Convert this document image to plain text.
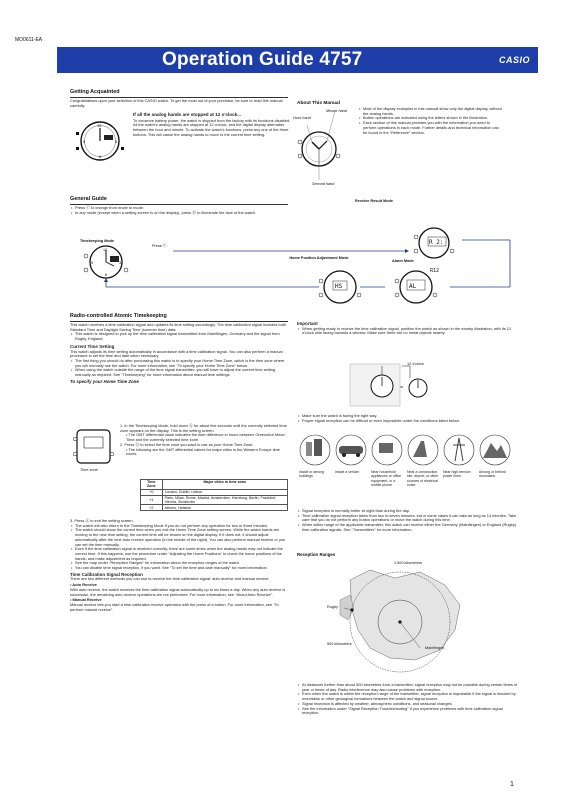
MO0611-EA
Operation Guide 4757	CASIO
Getting Acquainted
Congratulations upon your selection of this CASIO watch. To get the most out of your purchase, be sure to read this manual carefully.
12
3
6
9
If all the analog hands are stopped at 12 o'clock...
To conserve battery power, the watch is shipped from the factory with its functions disabled. All the watch's analog hands are stopped at 12 o'clock, and the digital display alternates between the hour and minute. To activate the watch's functions, press any one of the three buttons. This will cause the analog hands to move to the current time setting.
About This Manual
Minute hand
Hour hand
Second hand
• Most of the display examples in this manual show only the digital display, without the analog hands.
• Button operations are indicated using the letters shown in the illustration.
• Each section of this manual provides you with the information you need to perform operations in each mode. Further details and technical information can be found in the “Reference” section.
General Guide
• Press Ⓒ to change from mode to mode.
• In any mode (except when a setting screen is on the display), press Ⓑ to illuminate the face of the watch.
Timekeeping Mode
Press Ⓒ.
Receive Result Mode
Home Position Adjustment Mode
Alarm Mode
12
3
6
9
R 2:
HS	AL
R12
Radio-controlled Atomic Timekeeping
This watch receives a time calibration signal and updates its time setting accordingly. The time calibration signal includes both Standard Time and Daylight Saving Time (summer time) data.
• This watch is designed to pick up the time calibration signal transmitted from Mainflingen, Germany and the signal from Rugby, England.
Current Time Setting
This watch adjusts its time setting automatically in accordance with a time calibration signal. You can also perform a manual procedure to set the time and date when necessary.
• The first thing you should do after purchasing this watch is to specify your Home Time Zone, which is the time zone where you will normally use the watch. For more information, see “To specify your Home Time Zone” below.
• When using the watch outside the range of the time signal transmitter, you will have to adjust the current time setting manually as required. See “Timekeeping” for more information about manual time settings.
To specify your Home Time Zone
Time zone
1. In the Timekeeping Mode, hold down Ⓐ for about five seconds until the currently selected time zone appears on the display. This is the setting screen.
• The GMT differential value indicates the time difference in hours between Greenwich Mean Time and the currently selected time zone.
2. Press Ⓓ to select the time zone you want to use as your Home Time Zone.
• The following are the GMT differential values for major cities in the Western Europe time zones.
Time Zone	Major cities in time zone
+0	London, Dublin, Lisbon
+1	Paris, Milan, Rome, Madrid, Amsterdam, Hamburg, Berlin, Frankfurt, Vienna, Stockholm
+2	Athens, Helsinki
3. Press Ⓐ to exit the setting screen.
• The watch will also return to the Timekeeping Mode if you do not perform any operation for two or three minutes.
• The watch should show the correct time when you exit the Home Time Zone setting screen. While the watch hands are moving to the new time setting, the current time will be shown on the digital display. If it does not, it should adjust automatically after the next auto receive operation (in the middle of the night). You can also perform manual receive or you can set the time manually.
• Even if the time calibration signal is received correctly, there are some times when the analog hands may not indicate the correct time. If this happens, use the procedure under “Adjusting the Home Positions” to check the home positions of the hands, and make adjustment as required.
• See the map under “Reception Ranges” for information about the reception ranges of the watch.
• You can disable time signal reception, if you want. See “To set the time and date manually” for more information.
Time Calibration Signal Reception
There are two different methods you can use to receive the time calibration signal: auto receive and manual receive.
• Auto Receive
With auto receive, the watch receives the time calibration signal automatically up to six times a day. When any auto receive is successful, the remaining auto receive operations are not performed. For more information, see “About Auto Receive”.
• Manual Receive
Manual receive lets you start a time calibration receive operation with the press of a button. For more information, see “To perform manual receive”.
Important
• When getting ready to receive the time calibration signal, position the watch as shown in the nearby illustration, with its 12 o'clock side facing towards a window. Make sure there are no metal objects nearby.
12 o'clock
or
• Make sure the watch is facing the right way.
• Proper signal reception can be difficult or even impossible under the conditions listed below.
Inside or among buildings
Inside a vehicle	Near household appliances or office equipment, or a mobile phone
Near a construction site, airport, or other sources of electrical noise
Near high-tension power lines
Among or behind mountains
• Signal reception is normally better at night than during the day.
• Time calibration signal reception takes from two to seven minutes, but in some cases it can take as long as 14 minutes. Take care that you do not perform any button operations or move the watch during this time.
• When within range of the applicable transmitter, this watch can receive either the Germany (Mainflingen) or England (Rugby) time calibration signals. See “Transmitters” for more information.
Reception Ranges
1,500 kilometers
500 kilometers
Rugby
Mainflingen
• At distances further than about 500 kilometers from a transmitter, signal reception may not be possible during certain times of year or times of day. Radio interference may also cause problems with reception.
• Even when the watch is within the reception range of the transmitter, signal reception is impossible if the signal is blocked by mountains or other geological formations between the watch and signal source.
• Signal reception is affected by weather, atmospheric conditions, and seasonal changes.
• See the information under “Signal Reception Troubleshooting” if you experience problems with time calibration signal reception.
1
